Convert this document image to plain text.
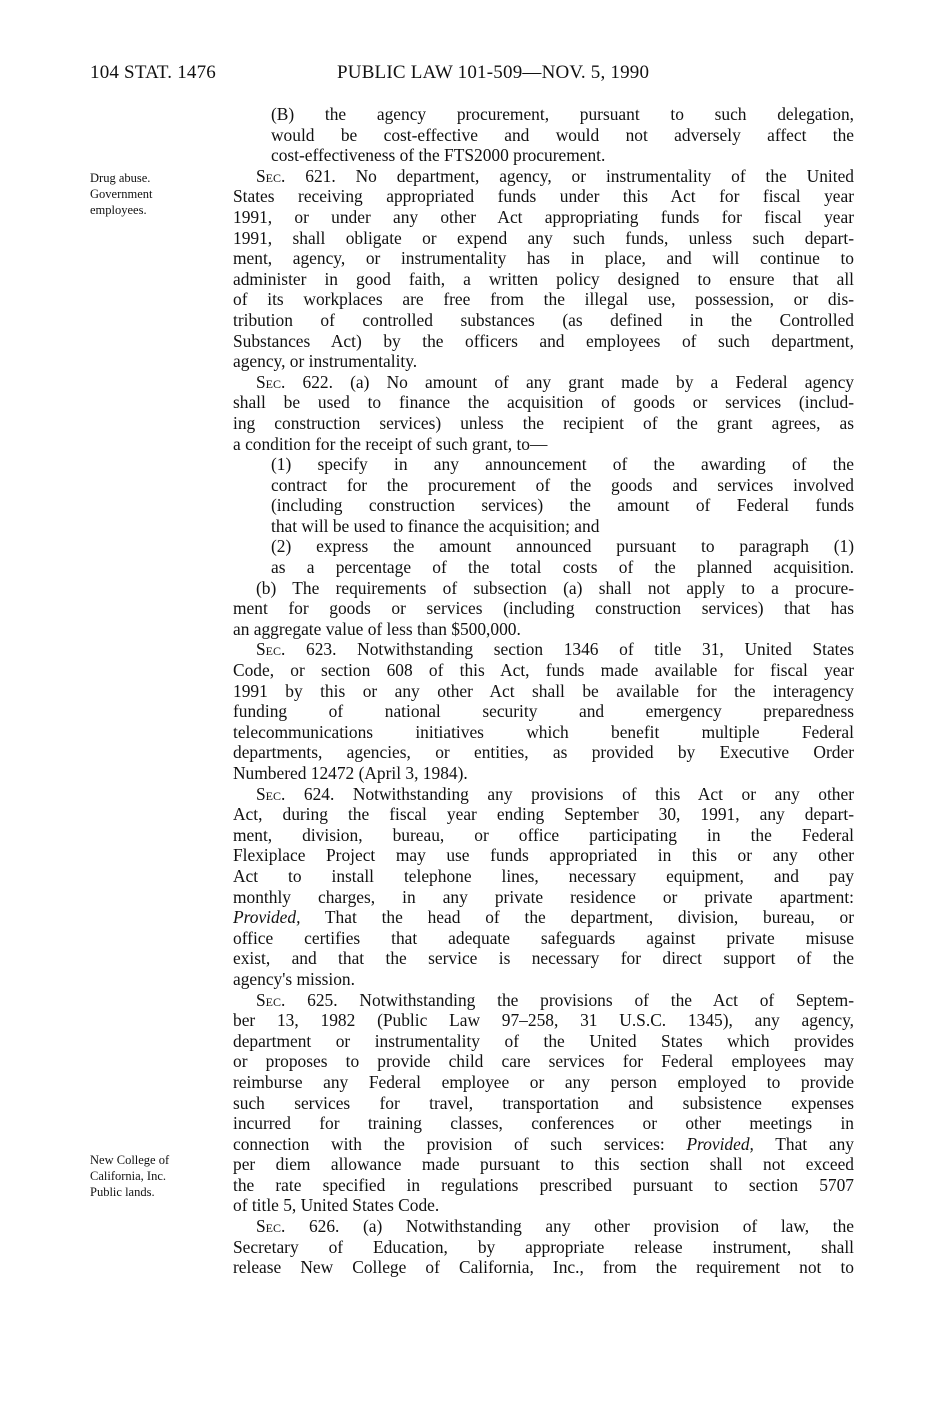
104 STAT. 1476	PUBLIC LAW 101-509—NOV. 5, 1990
Drug abuse.
Government
employees.
New College of
California, Inc.
Public lands.
(B) the agency procurement, pursuant to such delegation,
would be cost-effective and would not adversely affect the
cost-effectiveness of the FTS2000 procurement.
Sec. 621. No department, agency, or instrumentality of the United
States receiving appropriated funds under this Act for fiscal year
1991, or under any other Act appropriating funds for fiscal year
1991, shall obligate or expend any such funds, unless such depart-
ment, agency, or instrumentality has in place, and will continue to
administer in good faith, a written policy designed to ensure that all
of its workplaces are free from the illegal use, possession, or dis-
tribution of controlled substances (as defined in the Controlled
Substances Act) by the officers and employees of such department,
agency, or instrumentality.
Sec. 622. (a) No amount of any grant made by a Federal agency
shall be used to finance the acquisition of goods or services (includ-
ing construction services) unless the recipient of the grant agrees, as
a condition for the receipt of such grant, to—
(1) specify in any announcement of the awarding of the
contract for the procurement of the goods and services involved
(including construction services) the amount of Federal funds
that will be used to finance the acquisition; and
(2) express the amount announced pursuant to paragraph (1)
as a percentage of the total costs of the planned acquisition.
(b) The requirements of subsection (a) shall not apply to a procure-
ment for goods or services (including construction services) that has
an aggregate value of less than $500,000.
Sec. 623. Notwithstanding section 1346 of title 31, United States
Code, or section 608 of this Act, funds made available for fiscal year
1991 by this or any other Act shall be available for the interagency
funding of national security and emergency preparedness
telecommunications initiatives which benefit multiple Federal
departments, agencies, or entities, as provided by Executive Order
Numbered 12472 (April 3, 1984).
Sec. 624. Notwithstanding any provisions of this Act or any other
Act, during the fiscal year ending September 30, 1991, any depart-
ment, division, bureau, or office participating in the Federal
Flexiplace Project may use funds appropriated in this or any other
Act to install telephone lines, necessary equipment, and pay
monthly charges, in any private residence or private apartment:
Provided, That the head of the department, division, bureau, or
office certifies that adequate safeguards against private misuse
exist, and that the service is necessary for direct support of the
agency's mission.
Sec. 625. Notwithstanding the provisions of the Act of Septem-
ber 13, 1982 (Public Law 97–258, 31 U.S.C. 1345), any agency,
department or instrumentality of the United States which provides
or proposes to provide child care services for Federal employees may
reimburse any Federal employee or any person employed to provide
such services for travel, transportation and subsistence expenses
incurred for training classes, conferences or other meetings in
connection with the provision of such services: Provided, That any
per diem allowance made pursuant to this section shall not exceed
the rate specified in regulations prescribed pursuant to section 5707
of title 5, United States Code.
Sec. 626. (a) Notwithstanding any other provision of law, the
Secretary of Education, by appropriate release instrument, shall
release New College of California, Inc., from the requirement not to
